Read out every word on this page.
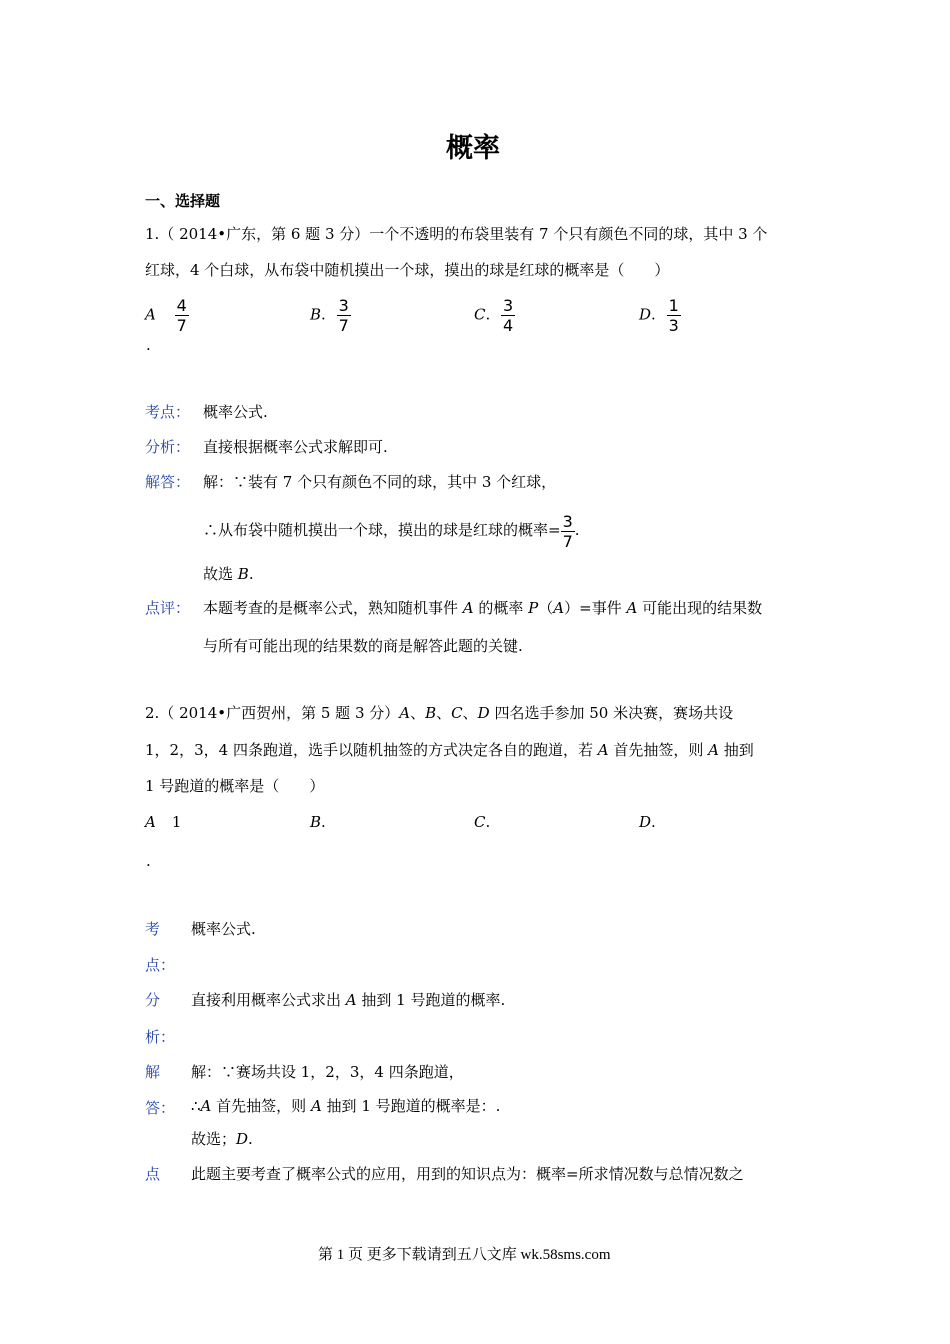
概率
一、选择题
1.（ 2014•广东，第 6 题 3 分）一个不透明的布袋里装有 7 个只有颜色不同的球，其中 3 个
红球，4 个白球，从布袋中随机摸出一个球，摸出的球是红球的概率是（　　）
A $\frac{4}{7}$	B. $\frac{3}{7}$	C. $\frac{3}{4}$	D. $\frac{1}{3}$
.
考点： 概率公式.
分析： 直接根据概率公式求解即可.
解答： 解：∵装有 7 个只有颜色不同的球，其中 3 个红球，
∴从布袋中随机摸出一个球，摸出的球是红球的概率= $\frac{3}{7}$ .
故选 B.
点评： 本题考查的是概率公式，熟知随机事件 A 的概率 P（A）=事件 A 可能出现的结果数
与所有可能出现的结果数的商是解答此题的关键.
2.（ 2014•广西贺州，第 5 题 3 分）A、B、C、D 四名选手参加 50 米决赛，赛场共设
1，2，3，4 四条跑道，选手以随机抽签的方式决定各自的跑道，若 A 首先抽签，则 A 抽到
1 号跑道的概率是（　　）
A 1	B.	C.	D.
.
考 概率公式.
点：
分 直接利用概率公式求出 A 抽到 1 号跑道的概率.
析：
解 解：∵赛场共设 1，2，3，4 四条跑道，
答： ∴A 首先抽签，则 A 抽到 1 号跑道的概率是：.
故选；D.
点 此题主要考查了概率公式的应用，用到的知识点为：概率=所求情况数与总情况数之
第 1 页 更多下载请到五八文库 wk.58sms.com
